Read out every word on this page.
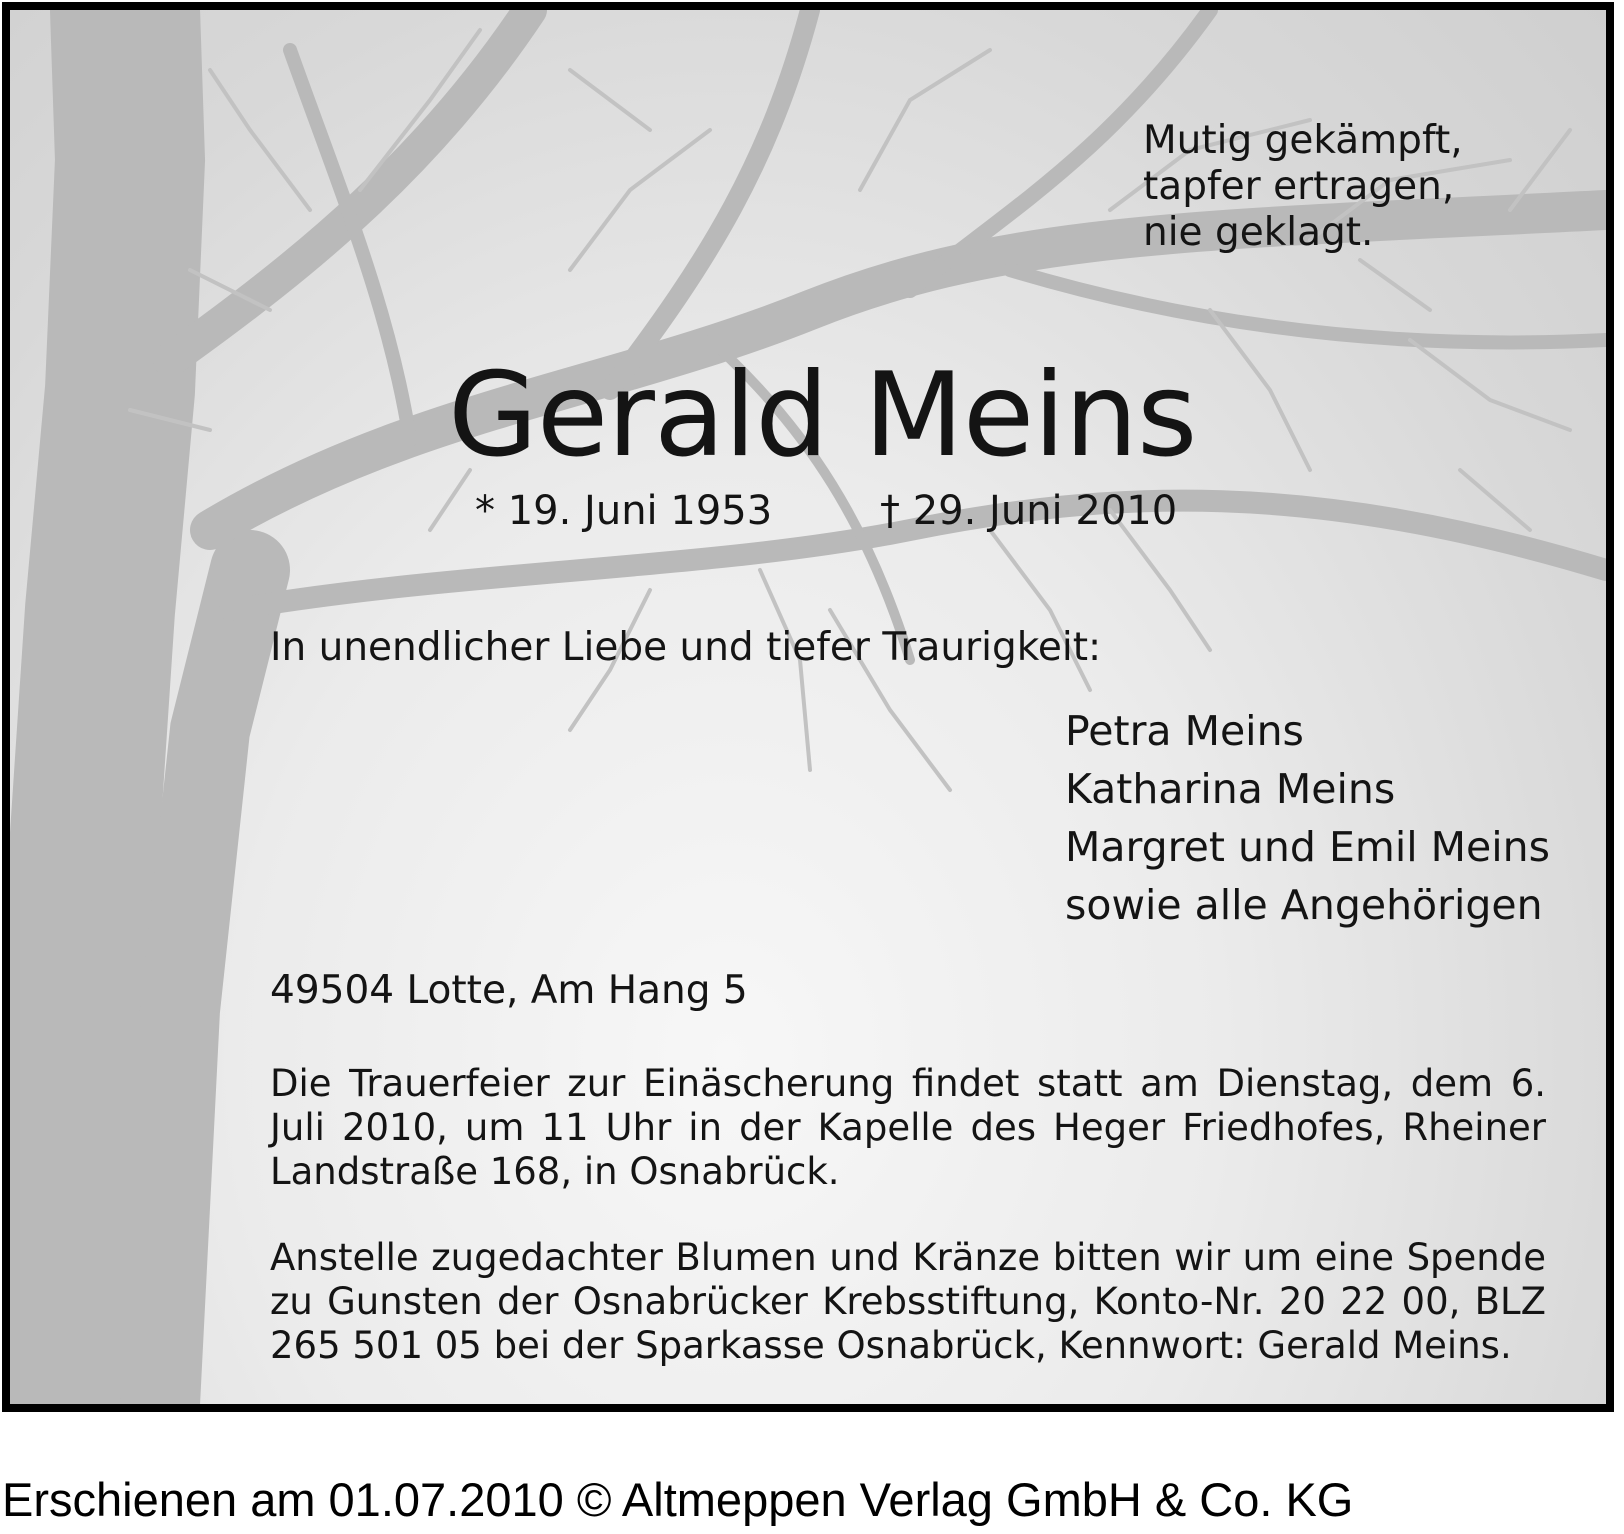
Mutig gekämpft,
tapfer ertragen,
nie geklagt.
Gerald Meins
* 19. Juni 1953	† 29. Juni 2010
In unendlicher Liebe und tiefer Traurigkeit:
Petra Meins
Katharina Meins
Margret und Emil Meins
sowie alle Angehörigen
49504 Lotte, Am Hang 5
Die Trauerfeier zur Einäscherung findet statt am Dienstag, dem 6. Juli 2010, um 11 Uhr in der Kapelle des Heger Friedhofes, Rheiner Landstraße 168, in Osnabrück.
Anstelle zugedachter Blumen und Kränze bitten wir um eine Spende zu Gunsten der Osnabrücker Krebsstiftung, Konto-Nr. 20 22 00, BLZ 265 501 05 bei der Sparkasse Osnabrück, Kennwort: Gerald Meins.
Erschienen am 01.07.2010 © Altmeppen Verlag GmbH & Co. KG
